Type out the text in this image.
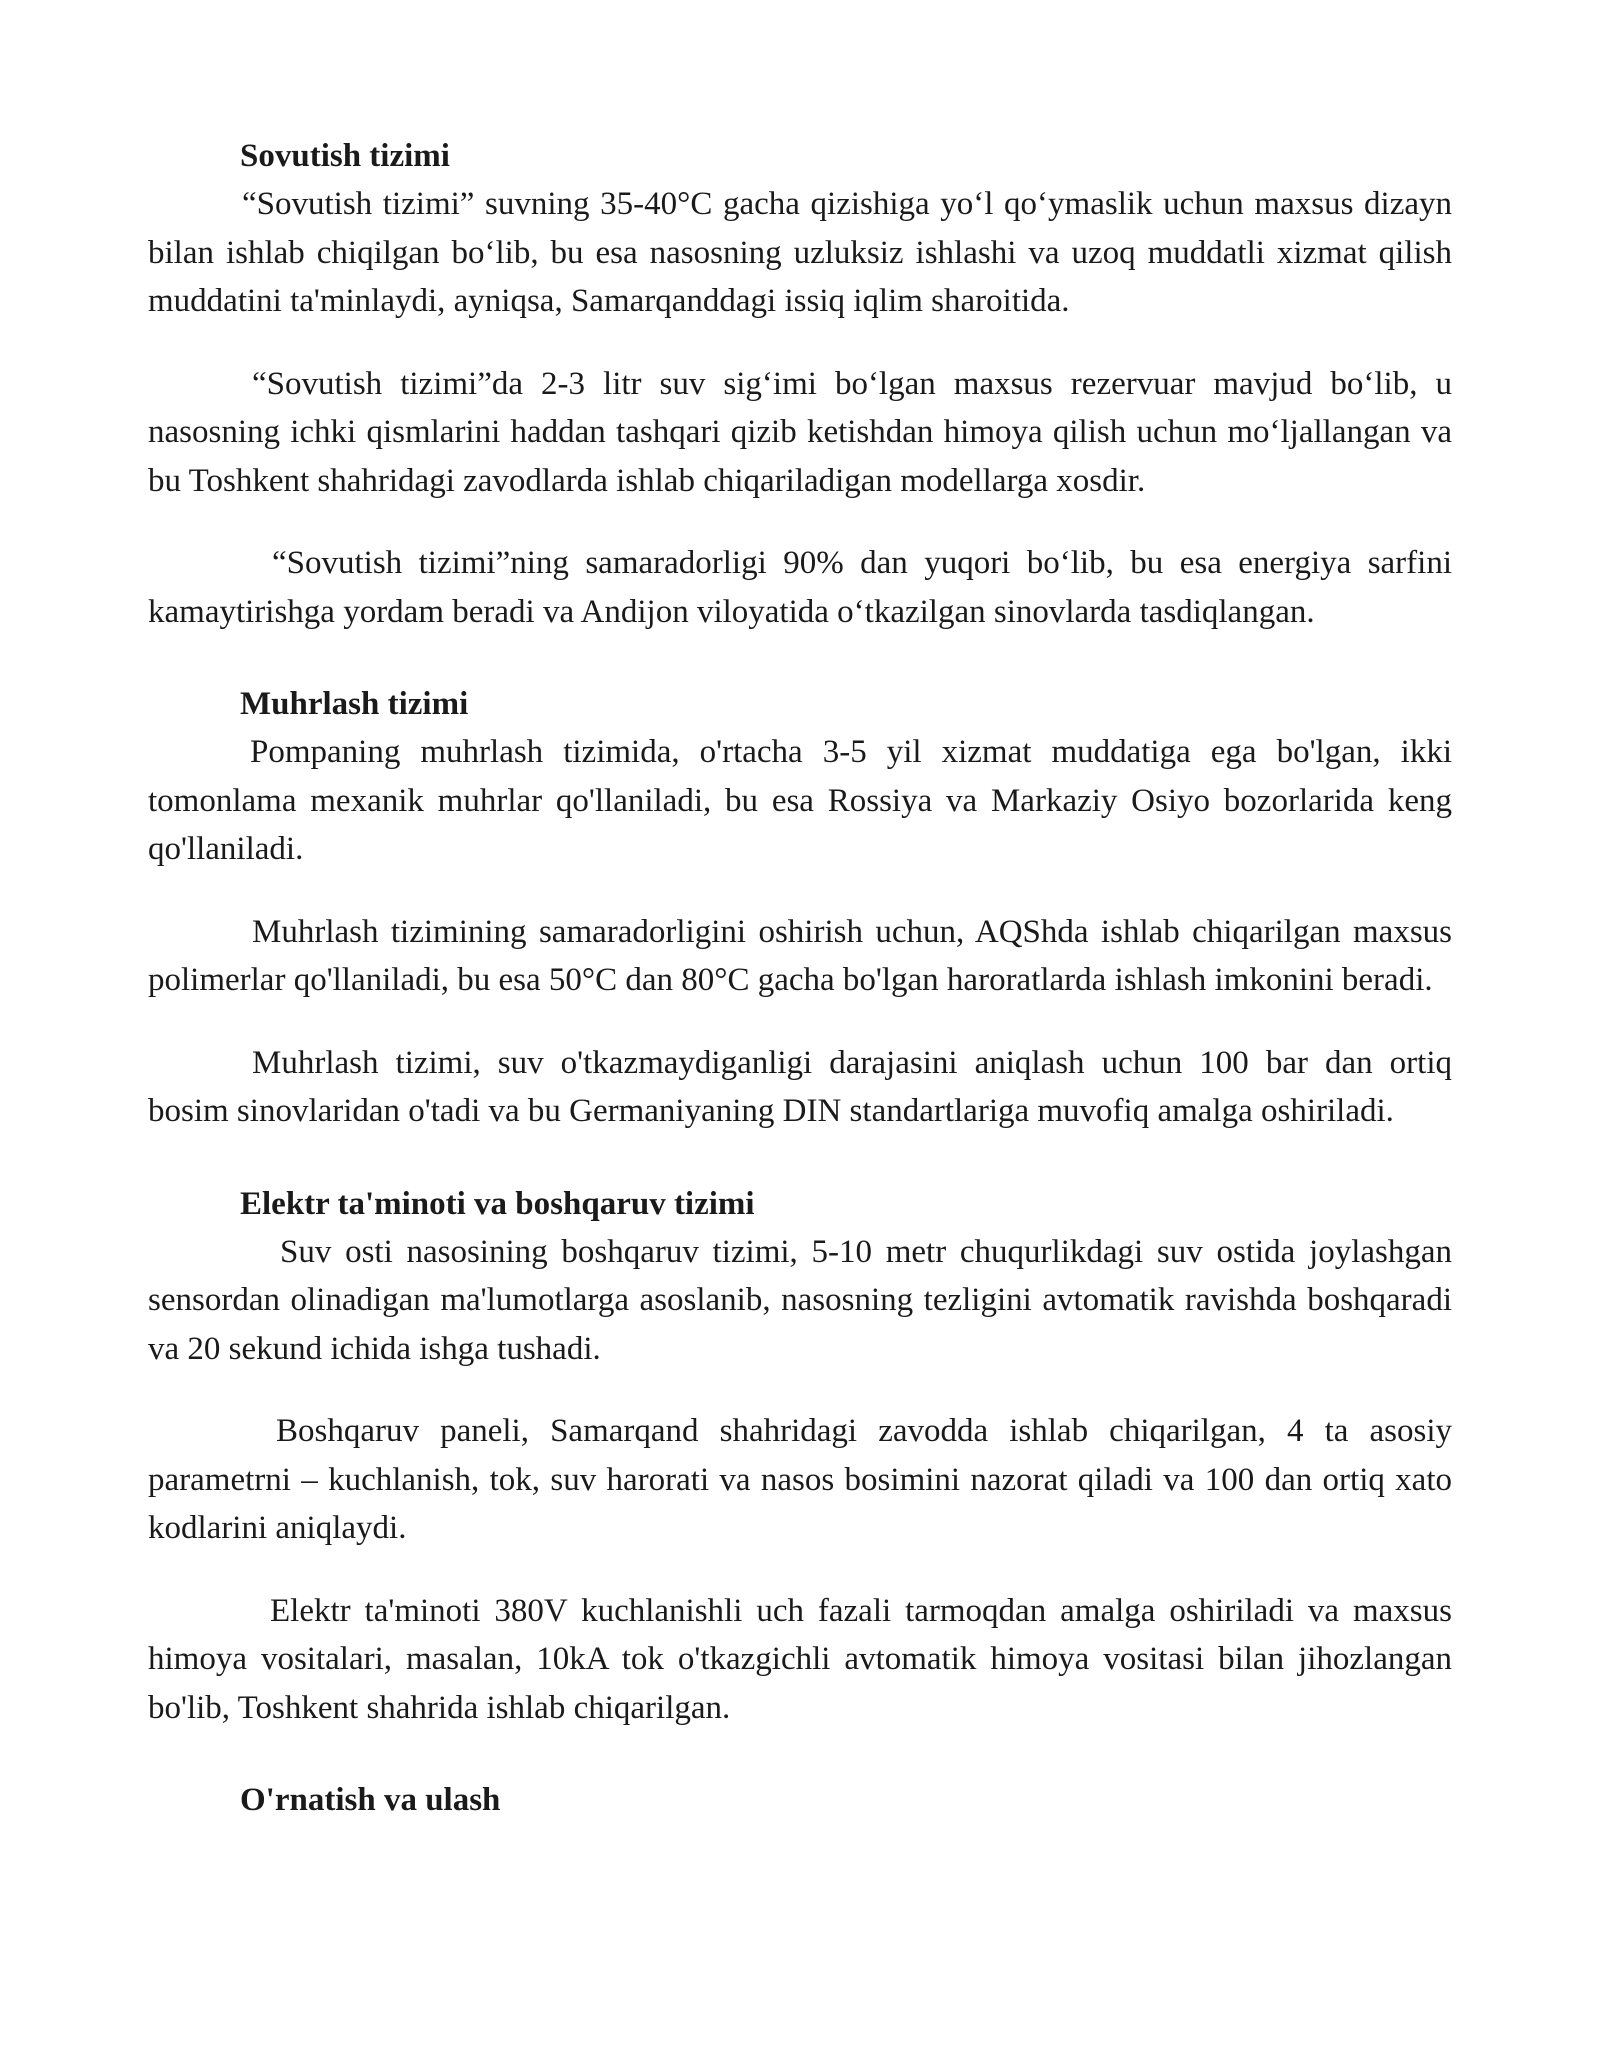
Sovutish tizimi

“Sovutish tizimi” suvning 35-40°C gacha qizishiga yo‘l qo‘ymaslik uchun maxsus dizayn bilan ishlab chiqilgan bo‘lib, bu esa nasosning uzluksiz ishlashi va uzoq muddatli xizmat qilish muddatini ta'minlaydi, ayniqsa, Samarqanddagi issiq iqlim sharoitida.

“Sovutish tizimi”da 2-3 litr suv sig‘imi bo‘lgan maxsus rezervuar mavjud bo‘lib, u nasosning ichki qismlarini haddan tashqari qizib ketishdan himoya qilish uchun mo‘ljallangan va bu Toshkent shahridagi zavodlarda ishlab chiqariladigan modellarga xosdir.

“Sovutish tizimi”ning samaradorligi 90% dan yuqori bo‘lib, bu esa energiya sarfini kamaytirishga yordam beradi va Andijon viloyatida o‘tkazilgan sinovlarda tasdiqlangan.

Muhrlash tizimi

Pompaning muhrlash tizimida, o'rtacha 3-5 yil xizmat muddatiga ega bo'lgan, ikki tomonlama mexanik muhrlar qo'llaniladi, bu esa Rossiya va Markaziy Osiyo bozorlarida keng qo'llaniladi.

Muhrlash tizimining samaradorligini oshirish uchun, AQShda ishlab chiqarilgan maxsus polimerlar qo'llaniladi, bu esa 50°C dan 80°C gacha bo'lgan haroratlarda ishlash imkonini beradi.

Muhrlash tizimi, suv o'tkazmaydiganligi darajasini aniqlash uchun 100 bar dan ortiq bosim sinovlaridan o'tadi va bu Germaniyaning DIN standartlariga muvofiq amalga oshiriladi.

Elektr ta'minoti va boshqaruv tizimi

Suv osti nasosining boshqaruv tizimi, 5-10 metr chuqurlikdagi suv ostida joylashgan sensordan olinadigan ma'lumotlarga asoslanib, nasosning tezligini avtomatik ravishda boshqaradi va 20 sekund ichida ishga tushadi.

Boshqaruv paneli, Samarqand shahridagi zavodda ishlab chiqarilgan, 4 ta asosiy parametrni – kuchlanish, tok, suv harorati va nasos bosimini nazorat qiladi va 100 dan ortiq xato kodlarini aniqlaydi.

Elektr ta'minoti 380V kuchlanishli uch fazali tarmoqdan amalga oshiriladi va maxsus himoya vositalari, masalan, 10kA tok o'tkazgichli avtomatik himoya vositasi bilan jihozlangan bo'lib, Toshkent shahrida ishlab chiqarilgan.

O'rnatish va ulash
